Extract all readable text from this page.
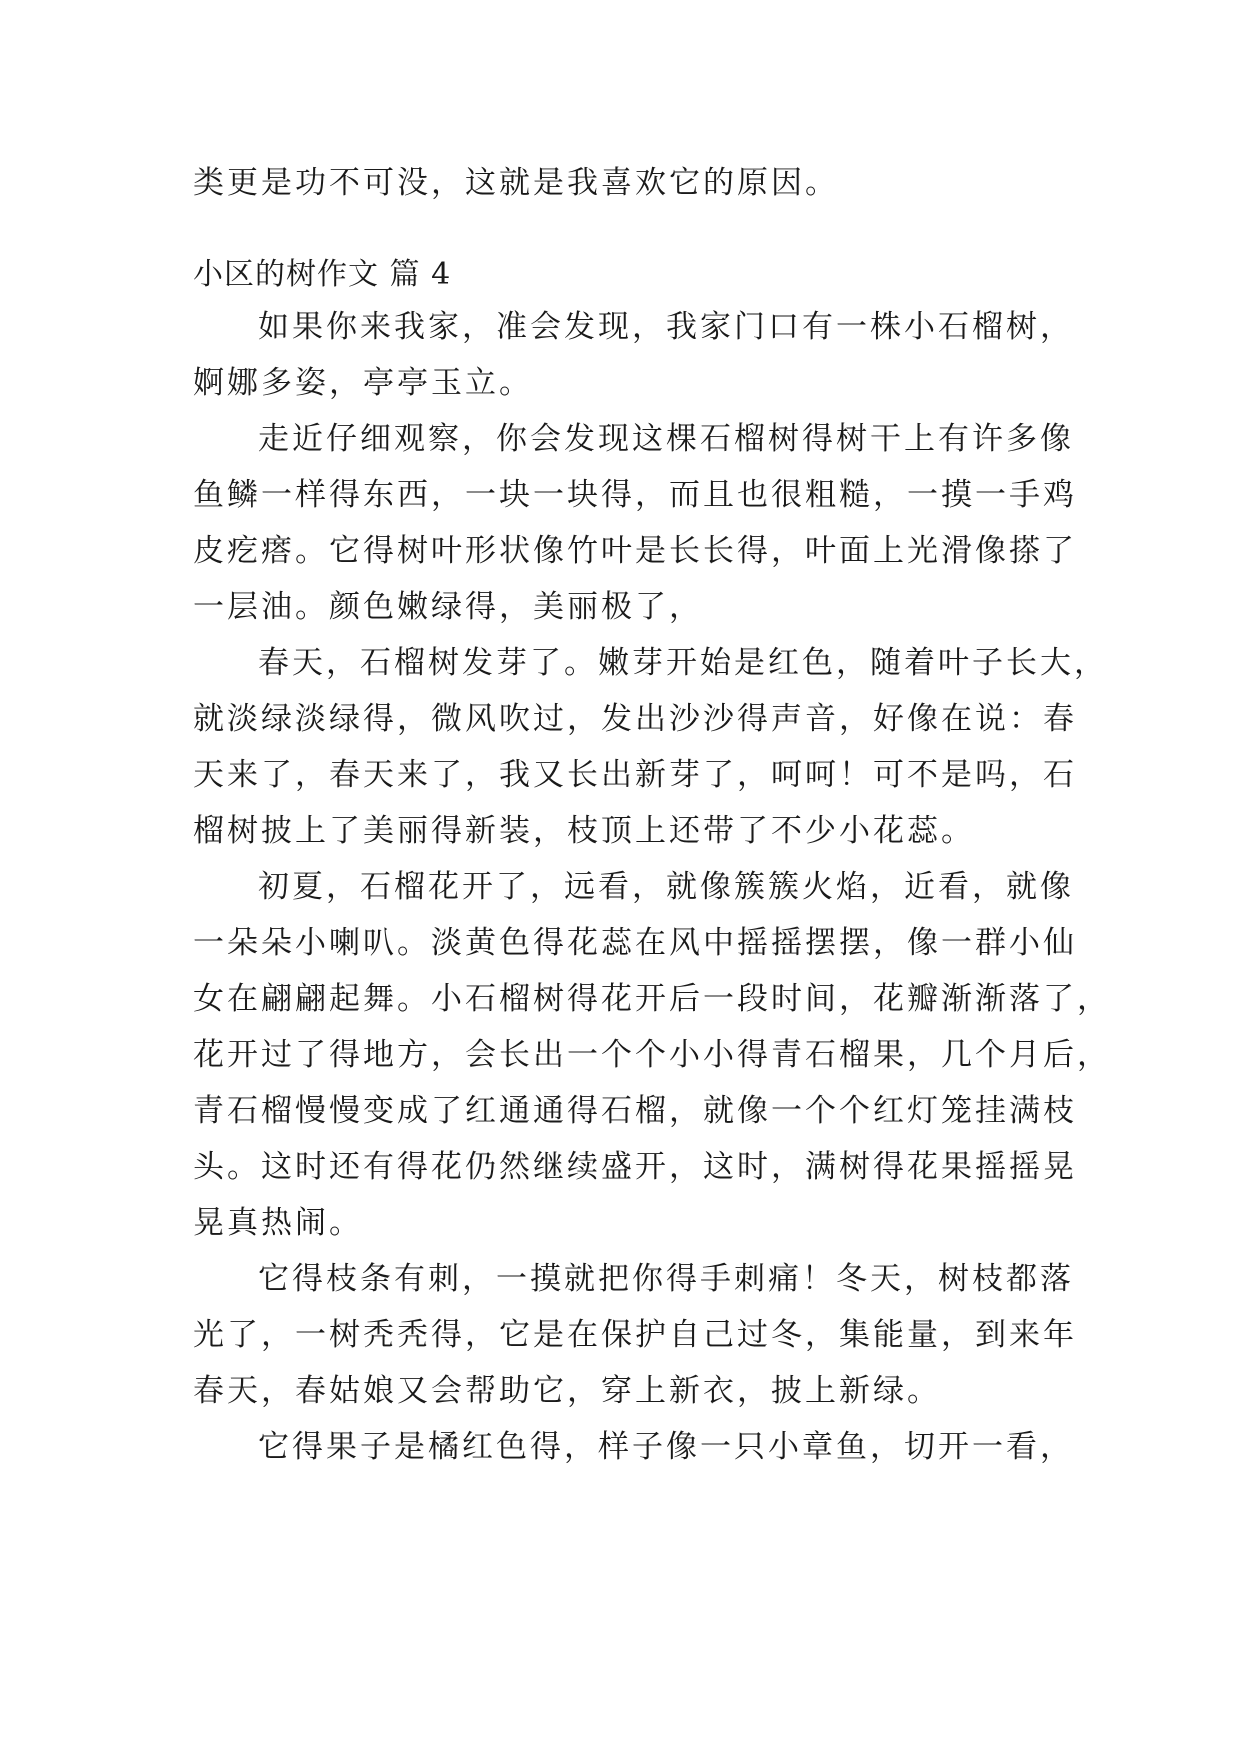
类更是功不可没，这就是我喜欢它的原因。
小区的树作文 篇 4
如果你来我家，准会发现，我家门口有一株小石榴树，
婀娜多姿，亭亭玉立。
走近仔细观察，你会发现这棵石榴树得树干上有许多像
鱼鳞一样得东西，一块一块得，而且也很粗糙，一摸一手鸡
皮疙瘩。它得树叶形状像竹叶是长长得，叶面上光滑像搽了
一层油。颜色嫩绿得，美丽极了，
春天，石榴树发芽了。嫩芽开始是红色，随着叶子长大，
就淡绿淡绿得，微风吹过，发出沙沙得声音，好像在说：春
天来了，春天来了，我又长出新芽了，呵呵！可不是吗，石
榴树披上了美丽得新装，枝顶上还带了不少小花蕊。
初夏，石榴花开了，远看，就像簇簇火焰，近看，就像
一朵朵小喇叭。淡黄色得花蕊在风中摇摇摆摆，像一群小仙
女在翩翩起舞。小石榴树得花开后一段时间，花瓣渐渐落了，
花开过了得地方，会长出一个个小小得青石榴果，几个月后，
青石榴慢慢变成了红通通得石榴，就像一个个红灯笼挂满枝
头。这时还有得花仍然继续盛开，这时，满树得花果摇摇晃
晃真热闹。
它得枝条有刺，一摸就把你得手刺痛！冬天，树枝都落
光了，一树秃秃得，它是在保护自己过冬，集能量，到来年
春天，春姑娘又会帮助它，穿上新衣，披上新绿。
它得果子是橘红色得，样子像一只小章鱼，切开一看，
